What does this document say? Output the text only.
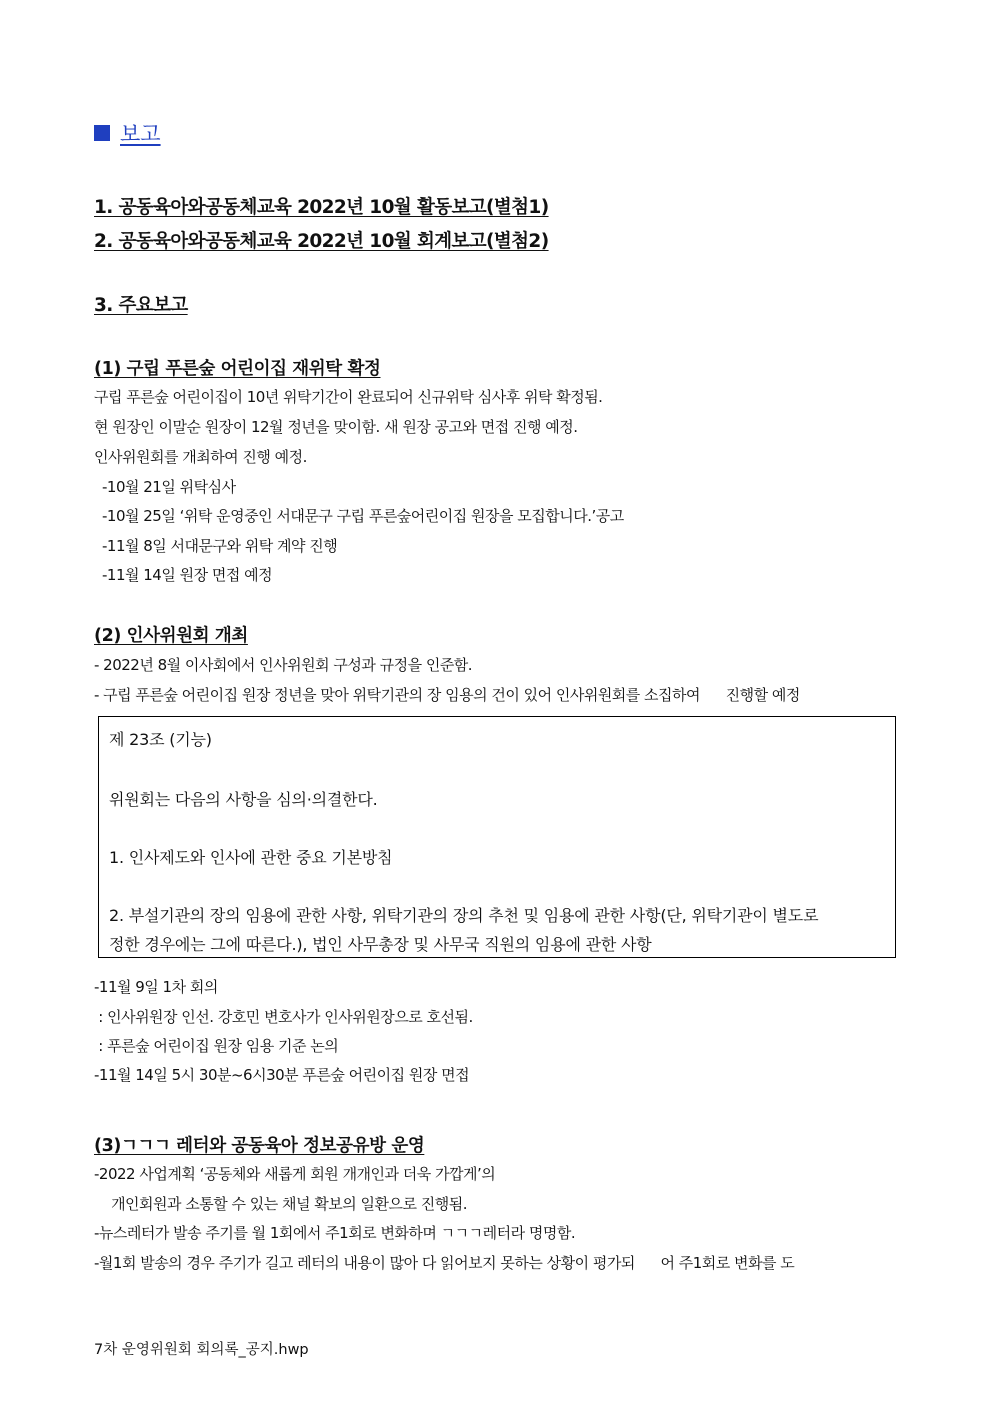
보고
1. 공동육아와공동체교육 2022년 10월 활동보고(별첨1)
2. 공동육아와공동체교육 2022년 10월 회계보고(별첨2)
3. 주요보고
(1) 구립 푸른숲 어린이집 재위탁 확정
구립 푸른숲 어린이집이 10년 위탁기간이 완료되어 신규위탁 심사후 위탁 확정됨.
현 원장인 이말순 원장이 12월 정년을 맞이함. 새 원장 공고와 면접 진행 예정.
인사위원회를 개최하여 진행 예정.
-10월 21일 위탁심사
-10월 25일 ‘위탁 운영중인 서대문구 구립 푸른숲어린이집 원장을 모집합니다.’공고
-11월 8일 서대문구와 위탁 계약 진행
-11월 14일 원장 면접 예정
(2) 인사위원회 개최
- 2022년 8월 이사회에서 인사위원회 구성과 규정을 인준함.
- 구립 푸른숲 어린이집 원장 정년을 맞아 위탁기관의 장 임용의 건이 있어 인사위원회를 소집하여      진행할 예정
제 23조 (기능)
위원회는 다음의 사항을 심의·의결한다.
1. 인사제도와 인사에 관한 중요 기본방침
2. 부설기관의 장의 임용에 관한 사항, 위탁기관의 장의 추천 및 임용에 관한 사항(단, 위탁기관이 별도로
정한 경우에는 그에 따른다.), 법인 사무총장 및 사무국 직원의 임용에 관한 사항
-11월 9일 1차 회의
: 인사위원장 인선. 강호민 변호사가 인사위원장으로 호선됨.
: 푸른숲 어린이집 원장 임용 기준 논의
-11월 14일 5시 30분~6시30분 푸른숲 어린이집 원장 면접
(3)ㄱㄱㄱ 레터와 공동육아 정보공유방 운영
-2022 사업계획 ‘공동체와 새롭게 회원 개개인과 더욱 가깝게’의
개인회원과 소통할 수 있는 채널 확보의 일환으로 진행됨.
-뉴스레터가 발송 주기를 월 1회에서 주1회로 변화하며 ㄱㄱㄱ레터라 명명함.
-월1회 발송의 경우 주기가 길고 레터의 내용이 많아 다 읽어보지 못하는 상황이 평가되      어 주1회로 변화를 도
7차 운영위원회 회의록_공지.hwp
